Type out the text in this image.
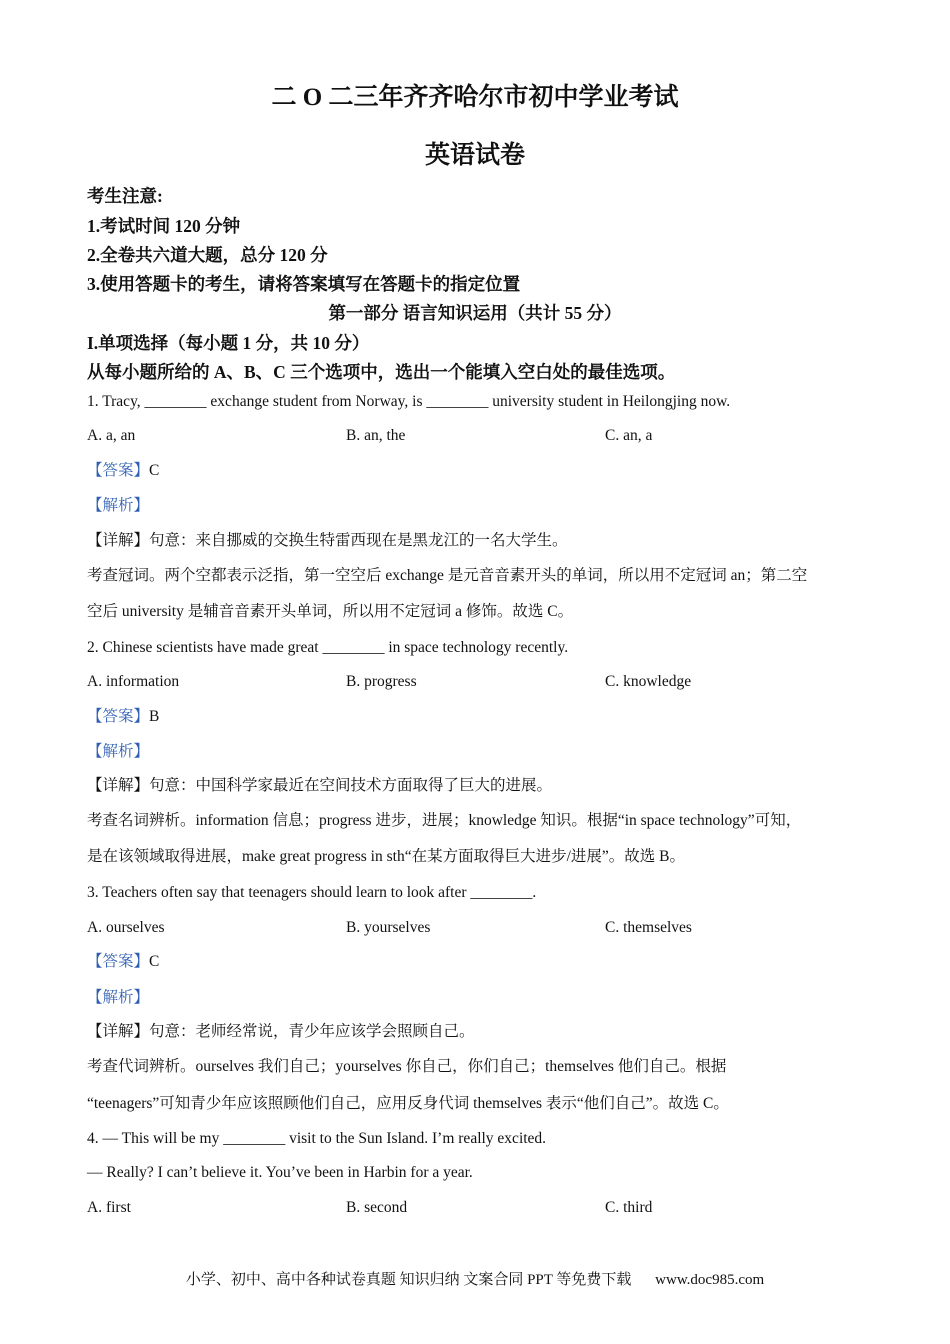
二 O 二三年齐齐哈尔市初中学业考试
英语试卷
考生注意:
1.考试时间 120 分钟
2.全卷共六道大题，总分 120 分
3.使用答题卡的考生，请将答案填写在答题卡的指定位置
第一部分 语言知识运用（共计 55 分）
I.单项选择（每小题 1 分，共 10 分）
从每小题所给的 A、B、C 三个选项中，选出一个能填入空白处的最佳选项。
1. Tracy, ________ exchange student from Norway, is ________ university student in Heilongjing now.
A. a, an	B. an, the	C. an, a
【答案】C
【解析】
【详解】句意：来自挪威的交换生特雷西现在是黑龙江的一名大学生。
考查冠词。两个空都表示泛指，第一空空后 exchange 是元音音素开头的单词，所以用不定冠词 an；第二空
空后 university 是辅音音素开头单词，所以用不定冠词 a 修饰。故选 C。
2. Chinese scientists have made great ________ in space technology recently.
A. information	B. progress	C. knowledge
【答案】B
【解析】
【详解】句意：中国科学家最近在空间技术方面取得了巨大的进展。
考查名词辨析。information 信息；progress 进步，进展；knowledge 知识。根据“in space technology”可知，
是在该领域取得进展，make great progress in sth“在某方面取得巨大进步/进展”。故选 B。
3. Teachers often say that teenagers should learn to look after ________.
A. ourselves	B. yourselves	C. themselves
【答案】C
【解析】
【详解】句意：老师经常说，青少年应该学会照顾自己。
考查代词辨析。ourselves 我们自己；yourselves 你自己，你们自己；themselves 他们自己。根据
“teenagers”可知青少年应该照顾他们自己，应用反身代词 themselves 表示“他们自己”。故选 C。
4. — This will be my ________ visit to the Sun Island. I’m really excited.
— Really? I can’t believe it. You’ve been in Harbin for a year.
A. first	B. second	C. third
小学、初中、高中各种试卷真题 知识归纳 文案合同 PPT 等免费下载 www.doc985.com
